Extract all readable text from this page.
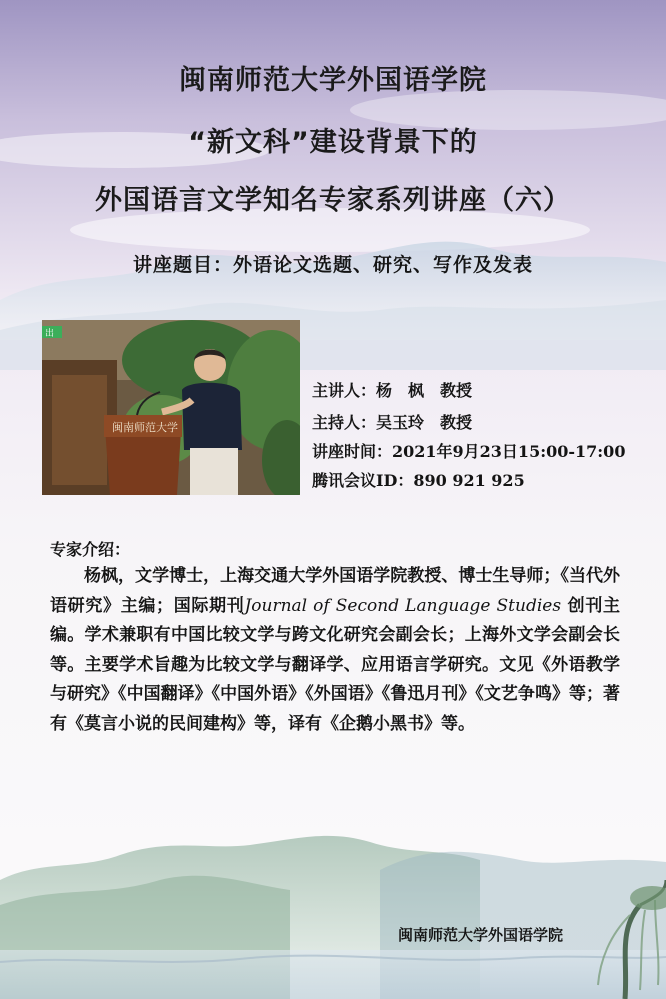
闽南师范大学外国语学院
“新文科”建设背景下的
外国语言文学知名专家系列讲座（六）
讲座题目：外语论文选题、研究、写作及发表
出
闽南师范大学
主讲人：杨　枫　教授
主持人：吴玉玲　教授
讲座时间：2021年9月23日15:00-17:00
腾讯会议ID：890 921 925
专家介绍：
杨枫，文学博士，上海交通大学外国语学院教授、博士生导师；《当代外语研究》主编；国际期刊Journal of Second Language Studies 创刊主编。学术兼职有中国比较文学与跨文化研究会副会长；上海外文学会副会长等。主要学术旨趣为比较文学与翻译学、应用语言学研究。文见《外语教学与研究》《中国翻译》《中国外语》《外国语》《鲁迅月刊》《文艺争鸣》等；著有《莫言小说的民间建构》等，译有《企鹅小黑书》等。
闽南师范大学外国语学院
